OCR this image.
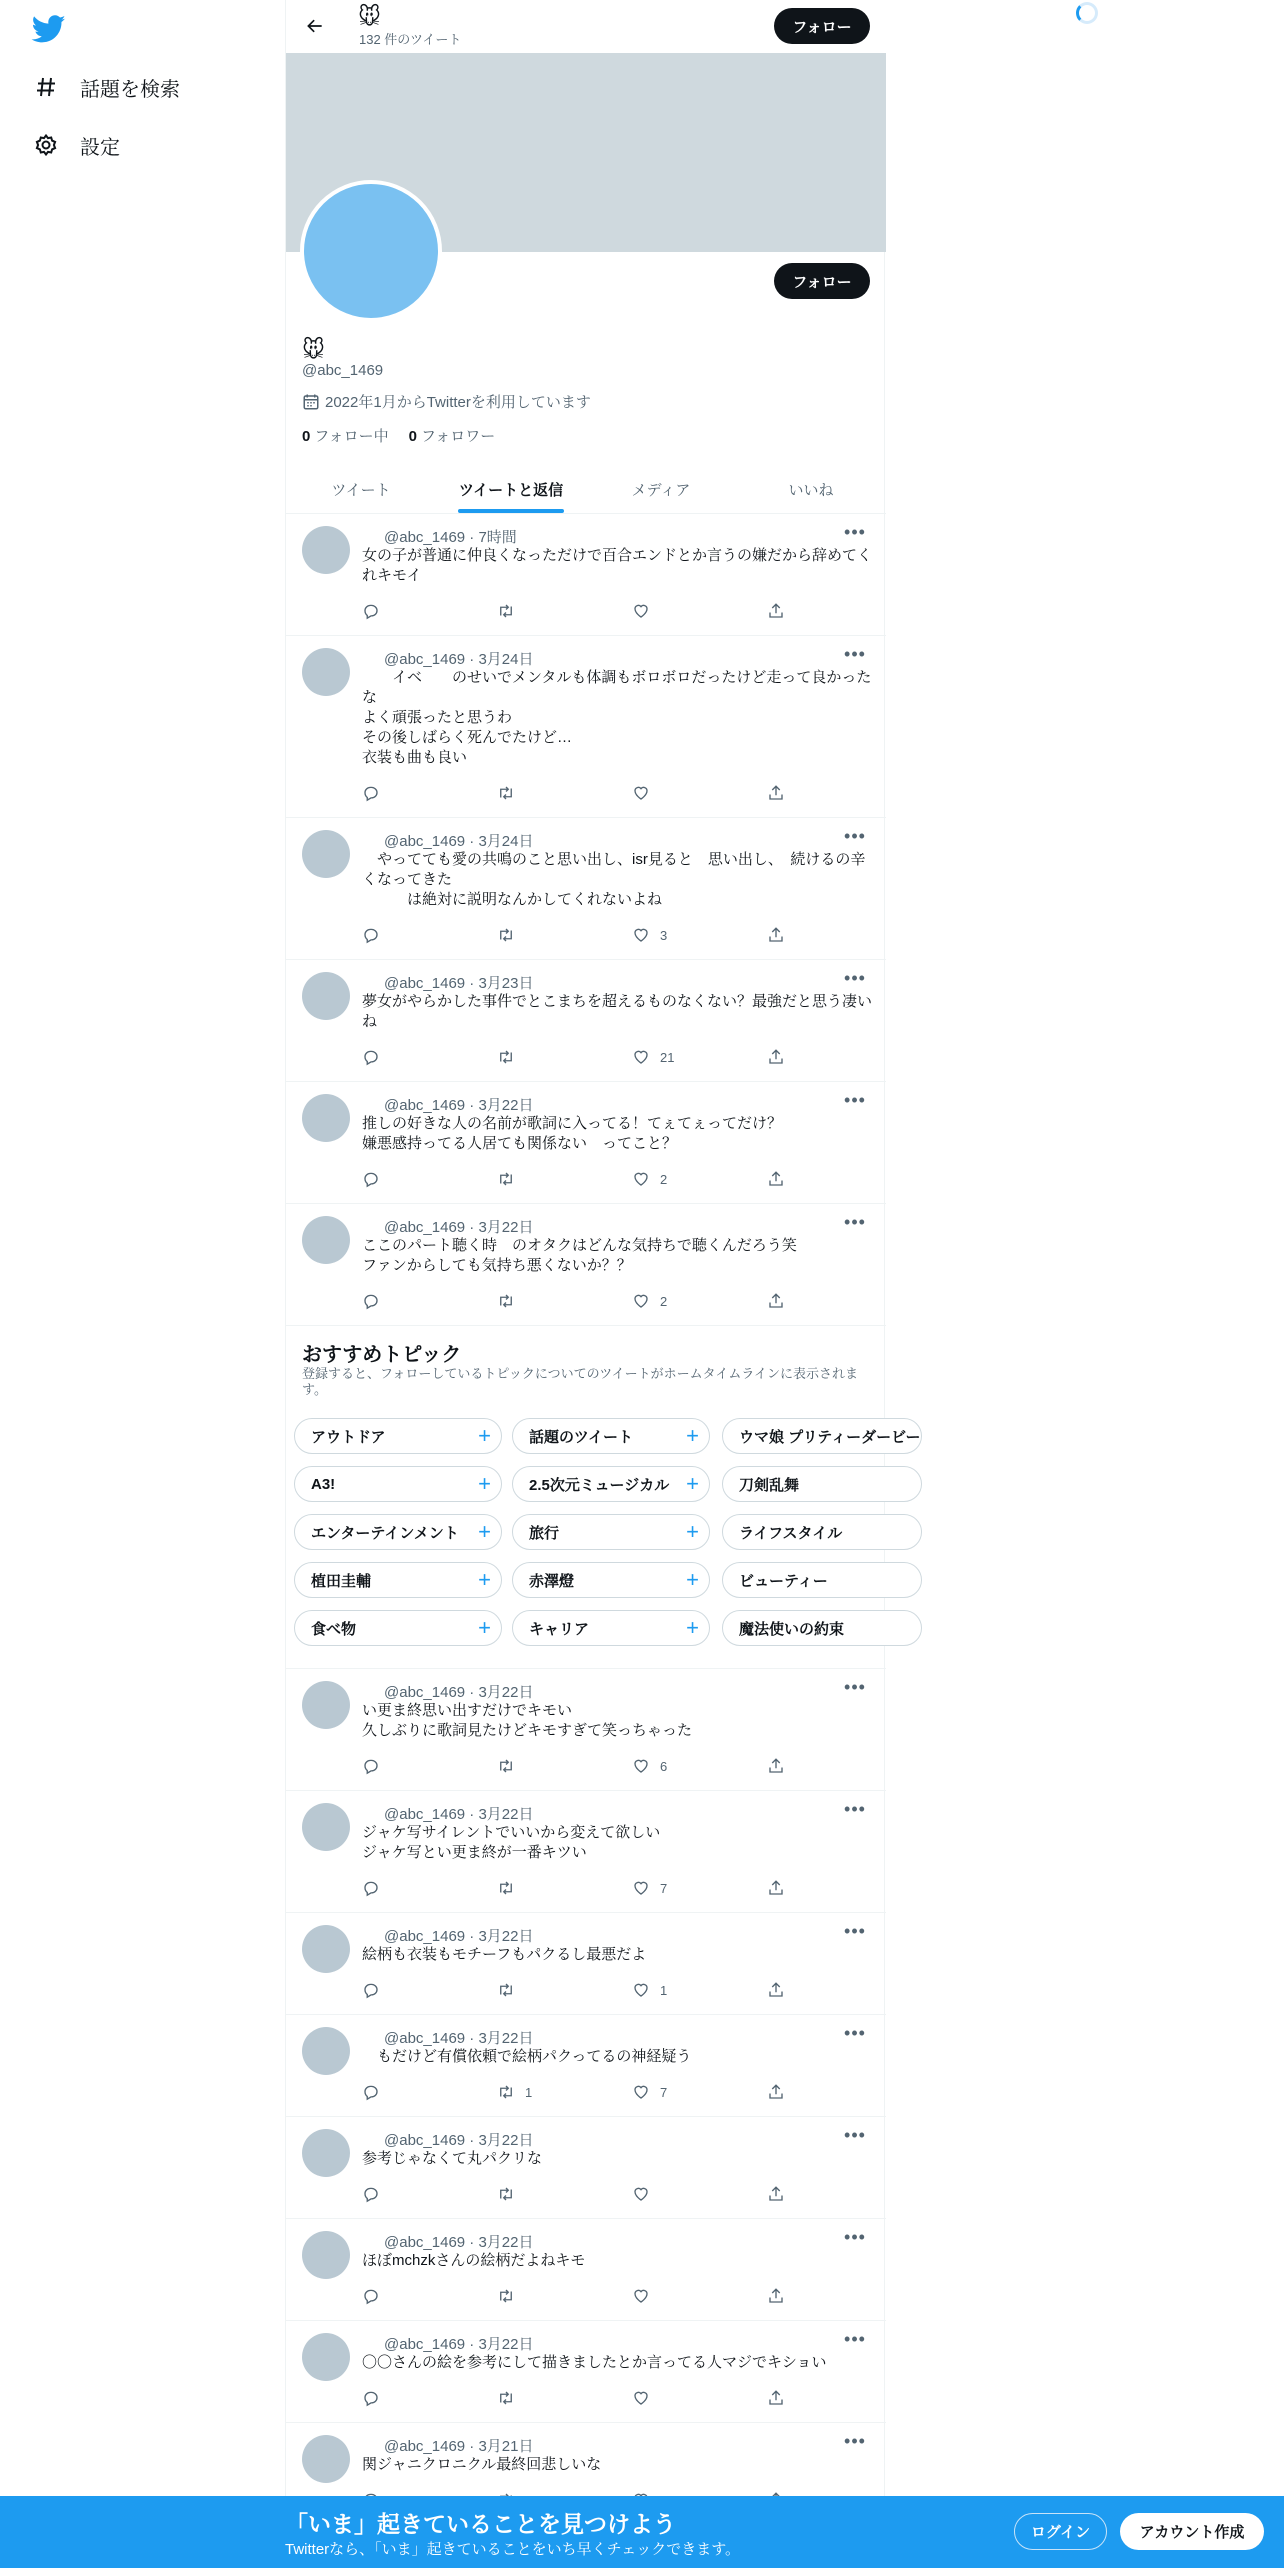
話題を検索
設定
🐭
132 件のツイート
フォロー
フォロー
🐭
@abc_1469
2022年1月からTwitterを利用しています
0 フォロー中 0 フォロワー
ツイート	ツイートと返信	メディア	いいね
@abc_1469 · 7時間	•••
女の子が普通に仲良くなっただけで百合エンドとか言うの嫌だから辞めてくれキモイ
@abc_1469 · 3月24日	•••
　　イベ　　のせいでメンタルも体調もボロボロだったけど走って良かったな
よく頑張ったと思うわ
その後しばらく死んでたけど…
衣装も曲も良い
@abc_1469 · 3月24日	•••
　やってても愛の共鳴のこと思い出し、isr見ると　思い出し、　続けるの辛くなってきた
　　　は絶対に説明なんかしてくれないよね
3
@abc_1469 · 3月23日	•••
夢女がやらかした事件でとこまちを超えるものなくない？最強だと思う凄いね
21
@abc_1469 · 3月22日	•••
推しの好きな人の名前が歌詞に入ってる！てぇてぇってだけ？
嫌悪感持ってる人居ても関係ない　ってこと？
2
@abc_1469 · 3月22日	•••
ここのパート聴く時　のオタクはどんな気持ちで聴くんだろう笑
ファンからしても気持ち悪くないか？？
2
おすすめトピック
登録すると、フォローしているトピックについてのツイートがホームタイムラインに表示されます。
アウトドア	+	話題のツイート +	ウマ娘 プリティーダービー
A3!	+	2.5次元ミュージカル +	刀剣乱舞
エンターテインメント +	旅行	+	ライフスタイル
植田圭輔	+	赤澤燈	+	ビューティー
食べ物	+	キャリア	+	魔法使いの約束
@abc_1469 · 3月22日	•••
い更ま終思い出すだけでキモい
久しぶりに歌詞見たけどキモすぎて笑っちゃった
6
@abc_1469 · 3月22日	•••
ジャケ写サイレントでいいから変えて欲しい
ジャケ写とい更ま終が一番キツい
7
@abc_1469 · 3月22日	•••
絵柄も衣装もモチーフもパクるし最悪だよ
1
@abc_1469 · 3月22日	•••
　もだけど有償依頼で絵柄パクってるの神経疑う
1	7
@abc_1469 · 3月22日	•••
参考じゃなくて丸パクリな
@abc_1469 · 3月22日	•••
ほぼmchzkさんの絵柄だよねキモ
@abc_1469 · 3月22日	•••
〇〇さんの絵を参考にして描きましたとか言ってる人マジでキショい
@abc_1469 · 3月21日	•••
関ジャニクロニクル最終回悲しいな
「いま」起きていることを見つけよう
Twitterなら、「いま」起きていることをいち早くチェックできます。
ログイン	アカウント作成
